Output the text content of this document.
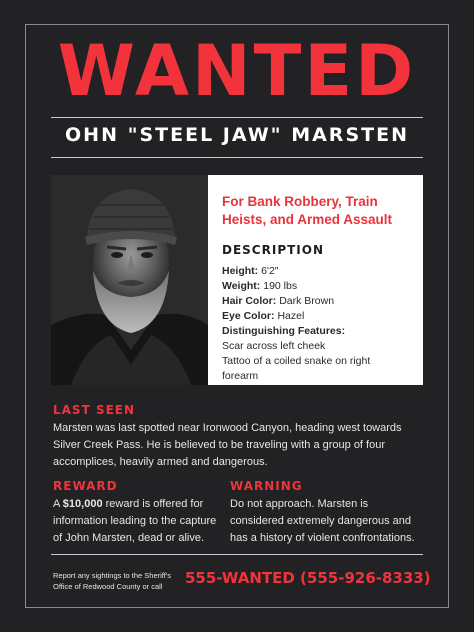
WANTED
OHN "STEEL JAW" MARSTEN
For Bank Robbery, Train Heists, and Armed Assault
DESCRIPTION
Height: 6'2"
Weight: 190 lbs
Hair Color: Dark Brown
Eye Color: Hazel
Distinguishing Features:
Scar across left cheek
Tattoo of a coiled snake on right forearm
LAST SEEN
Marsten was last spotted near Ironwood Canyon, heading west towards Silver Creek Pass. He is believed to be traveling with a group of four accomplices, heavily armed and dangerous.
REWARD
A $10,000 reward is offered for information leading to the capture of John Marsten, dead or alive.
WARNING
Do not approach. Marsten is considered extremely dangerous and has a history of violent confrontations.
Report any sightings to the Sheriff's Office of Redwood County or call	555-WANTED (555-926-8333)
